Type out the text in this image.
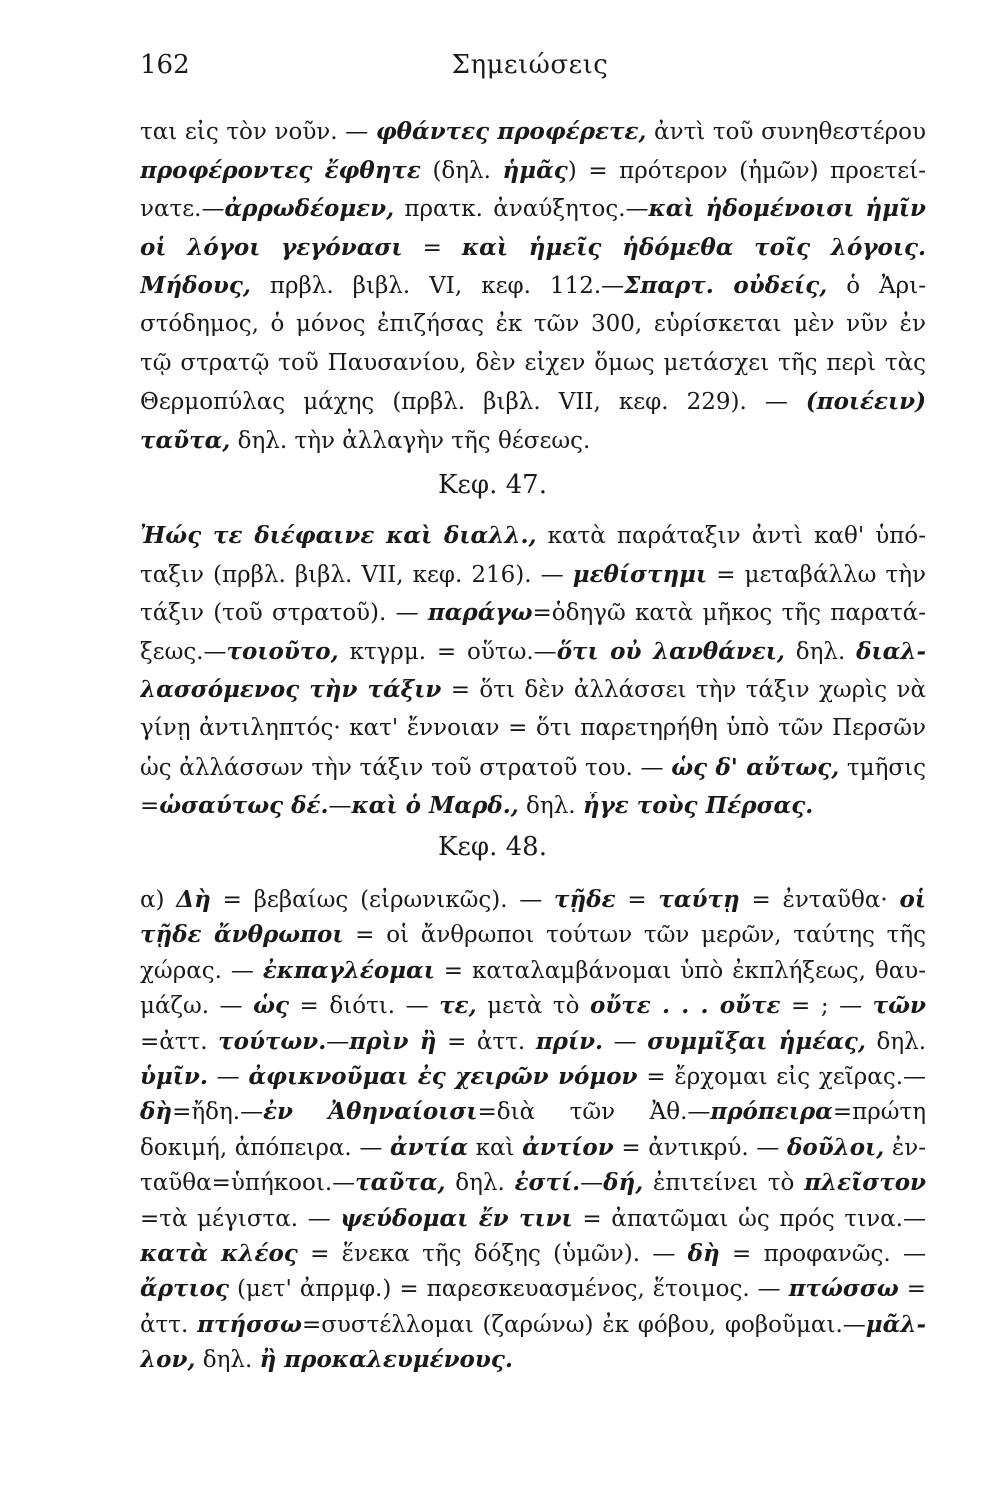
162	Σημειώσεις
ται εἰς τὸν νοῦν. — φθάντες προφέρετε, ἀντὶ τοῦ συνηθεστέρου
προφέροντες ἔφθητε (δηλ. ἡμᾶς) = πρότερον (ἡμῶν) προετεί-
νατε.—ἀρρωδέομεν, πρατκ. ἀναύξητος.—καὶ ἡδομένοισι ἡμῖν
οἱ λόγοι γεγόνασι = καὶ ἡμεῖς ἡδόμεθα τοῖς λόγοις.
Μήδους, πρβλ. βιβλ. VI, κεφ. 112.—Σπαρτ. οὐδείς, ὁ Ἀρι-
στόδημος, ὁ μόνος ἐπιζήσας ἐκ τῶν 300, εὑρίσκεται μὲν νῦν ἐν
τῷ στρατῷ τοῦ Παυσανίου, δὲν εἶχεν ὅμως μετάσχει τῆς περὶ τὰς
Θερμοπύλας μάχης (πρβλ. βιβλ. VII, κεφ. 229). — (ποιέειν)
ταῦτα, δηλ. τὴν ἀλλαγὴν τῆς θέσεως.
Κεφ. 47.
Ἠώς τε διέφαινε καὶ διαλλ., κατὰ παράταξιν ἀντὶ καθ' ὑπό-
ταξιν (πρβλ. βιβλ. VII, κεφ. 216). — μεθίστημι = μεταβάλλω τὴν
τάξιν (τοῦ στρατοῦ). — παράγω=ὁδηγῶ κατὰ μῆκος τῆς παρατά-
ξεως.—τοιοῦτο, κτγρμ. = οὕτω.—ὅτι οὐ λανθάνει, δηλ. διαλ-
λασσόμενος τὴν τάξιν = ὅτι δὲν ἀλλάσσει τὴν τάξιν χωρὶς νὰ
γίνῃ ἀντιληπτός· κατ' ἔννοιαν = ὅτι παρετηρήθη ὑπὸ τῶν Περσῶν
ὡς ἀλλάσσων τὴν τάξιν τοῦ στρατοῦ του. — ὡς δ' αὔτως, τμῆσις
=ὡσαύτως δέ.—καὶ ὁ Μαρδ., δηλ. ἦγε τοὺς Πέρσας.
Κεφ. 48.
α) Δὴ = βεβαίως (εἰρωνικῶς). — τῇδε = ταύτῃ = ἐνταῦθα· οἱ
τῇδε ἄνθρωποι = οἱ ἄνθρωποι τούτων τῶν μερῶν, ταύτης τῆς
χώρας. — ἐκπαγλέομαι = καταλαμβάνομαι ὑπὸ ἐκπλήξεως, θαυ-
μάζω. — ὡς = διότι. — τε, μετὰ τὸ οὔτε . . . οὔτε = ; — τῶν
=ἀττ. τούτων.—πρὶν ἢ = ἀττ. πρίν. — συμμῖξαι ἡμέας, δηλ.
ὑμῖν. — ἀφικνοῦμαι ἐς χειρῶν νόμον = ἔρχομαι εἰς χεῖρας.—
δὴ=ἤδη.—ἐν Ἀθηναίοισι=διὰ τῶν Ἀθ.—πρόπειρα=πρώτη
δοκιμή, ἀπόπειρα. — ἀντία καὶ ἀντίον = ἀντικρύ. — δοῦλοι, ἐν-
ταῦθα=ὑπήκοοι.—ταῦτα, δηλ. ἐστί.—δή, ἐπιτείνει τὸ πλεῖστον
=τὰ μέγιστα. — ψεύδομαι ἔν τινι = ἀπατῶμαι ὡς πρός τινα.—
κατὰ κλέος = ἕνεκα τῆς δόξης (ὑμῶν). — δὴ = προφανῶς. —
ἄρτιος (μετ' ἀπρμφ.) = παρεσκευασμένος, ἕτοιμος. — πτώσσω =
ἀττ. πτήσσω=συστέλλομαι (ζαρώνω) ἐκ φόβου, φοβοῦμαι.—μᾶλ-
λον, δηλ. ἢ προκαλευμένους.
